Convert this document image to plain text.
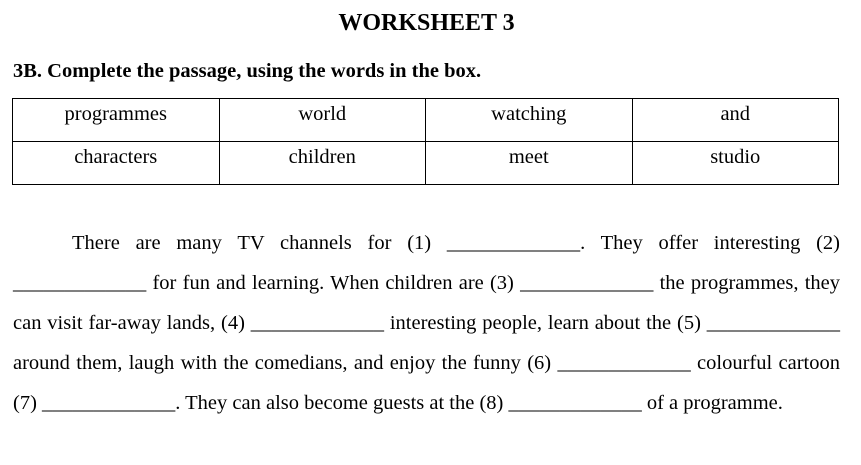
WORKSHEET 3
3B. Complete the passage, using the words in the box.
programmes	world	watching	and
characters	children	meet	studio
There are many TV channels for (1) _____________. They offer interesting (2) _____________ for fun and learning. When children are (3) _____________ the programmes, they can visit far-away lands, (4) _____________ interesting people, learn about the (5) _____________ around them, laugh with the comedians, and enjoy the funny (6) _____________ colourful cartoon (7) _____________. They can also become guests at the (8) _____________ of a programme.
